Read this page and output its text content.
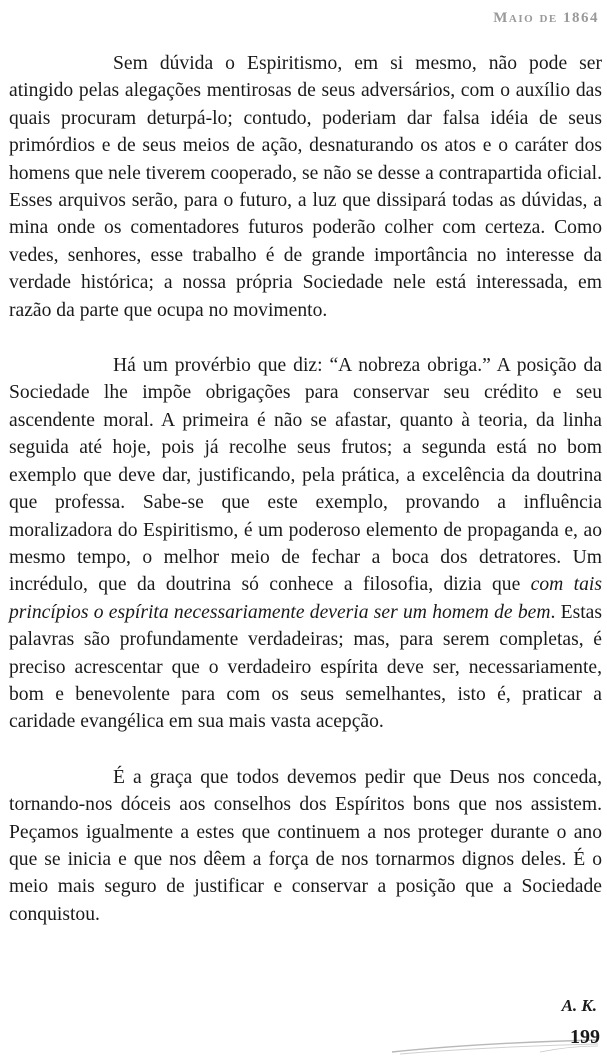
Maio de 1864

Sem dúvida o Espiritismo, em si mesmo, não pode ser atingido pelas alegações mentirosas de seus adversários, com o auxílio das quais procuram deturpá-lo; contudo, poderiam dar falsa idéia de seus primórdios e de seus meios de ação, desnaturando os atos e o caráter dos homens que nele tiverem cooperado, se não se desse a contrapartida oficial. Esses arquivos serão, para o futuro, a luz que dissipará todas as dúvidas, a mina onde os comentadores futuros poderão colher com certeza. Como vedes, senhores, esse trabalho é de grande importância no interesse da verdade histórica; a nossa própria Sociedade nele está interessada, em razão da parte que ocupa no movimento.

Há um provérbio que diz: “A nobreza obriga.” A posição da Sociedade lhe impõe obrigações para conservar seu crédito e seu ascendente moral. A primeira é não se afastar, quanto à teoria, da linha seguida até hoje, pois já recolhe seus frutos; a segunda está no bom exemplo que deve dar, justificando, pela prática, a excelência da doutrina que professa. Sabe-se que este exemplo, provando a influência moralizadora do Espiritismo, é um poderoso elemento de propaganda e, ao mesmo tempo, o melhor meio de fechar a boca dos detratores. Um incrédulo, que da doutrina só conhece a filosofia, dizia que com tais princípios o espírita necessariamente deveria ser um homem de bem. Estas palavras são profundamente verdadeiras; mas, para serem completas, é preciso acrescentar que o verdadeiro espírita deve ser, necessariamente, bom e benevolente para com os seus semelhantes, isto é, praticar a caridade evangélica em sua mais vasta acepção.

É a graça que todos devemos pedir que Deus nos conceda, tornando-nos dóceis aos conselhos dos Espíritos bons que nos assistem. Peçamos igualmente a estes que continuem a nos proteger durante o ano que se inicia e que nos dêem a força de nos tornarmos dignos deles. É o meio mais seguro de justificar e conservar a posição que a Sociedade conquistou.

A. K.
199
